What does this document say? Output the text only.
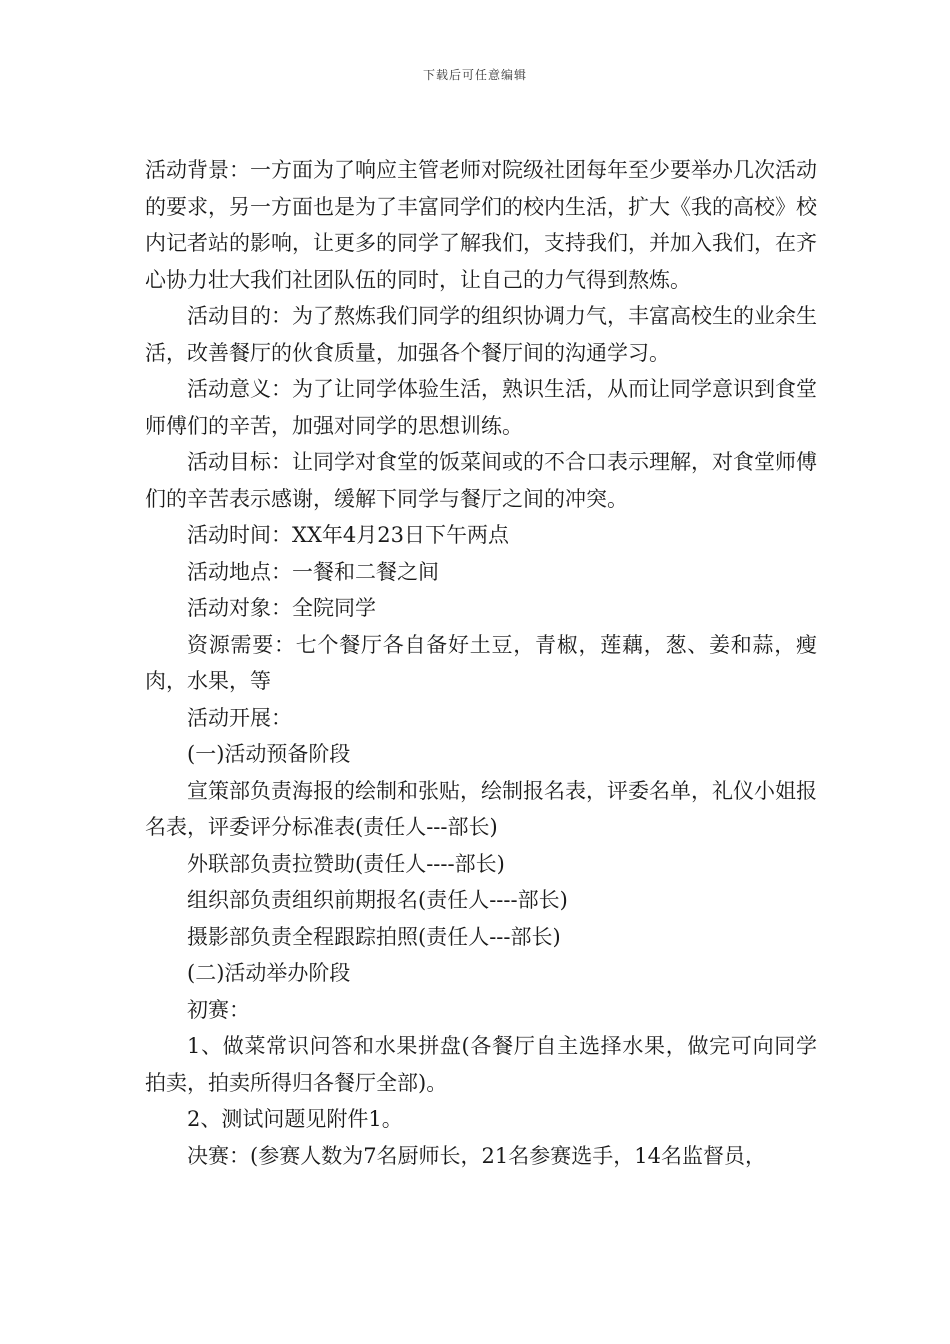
下载后可任意编辑

活动背景：一方面为了响应主管老师对院级社团每年至少要举办几次活动的要求，另一方面也是为了丰富同学们的校内生活，扩大《我的高校》校内记者站的影响，让更多的同学了解我们，支持我们，并加入我们，在齐心协力壮大我们社团队伍的同时，让自己的力气得到熬炼。

活动目的：为了熬炼我们同学的组织协调力气，丰富高校生的业余生活，改善餐厅的伙食质量，加强各个餐厅间的沟通学习。

活动意义：为了让同学体验生活，熟识生活，从而让同学意识到食堂师傅们的辛苦，加强对同学的思想训练。

活动目标：让同学对食堂的饭菜间或的不合口表示理解，对食堂师傅们的辛苦表示感谢，缓解下同学与餐厅之间的冲突。

活动时间：XX年4月23日下午两点

活动地点：一餐和二餐之间

活动对象：全院同学

资源需要：七个餐厅各自备好土豆，青椒，莲藕，葱、姜和蒜，瘦肉，水果，等

活动开展：

(一)活动预备阶段

宣策部负责海报的绘制和张贴，绘制报名表，评委名单，礼仪小姐报名表，评委评分标准表(责任人---部长)

外联部负责拉赞助(责任人----部长)

组织部负责组织前期报名(责任人----部长)

摄影部负责全程跟踪拍照(责任人---部长)

(二)活动举办阶段

初赛：

1、做菜常识问答和水果拼盘(各餐厅自主选择水果，做完可向同学拍卖，拍卖所得归各餐厅全部)。

2、测试问题见附件1。

决赛：(参赛人数为7名厨师长，21名参赛选手，14名监督员，
